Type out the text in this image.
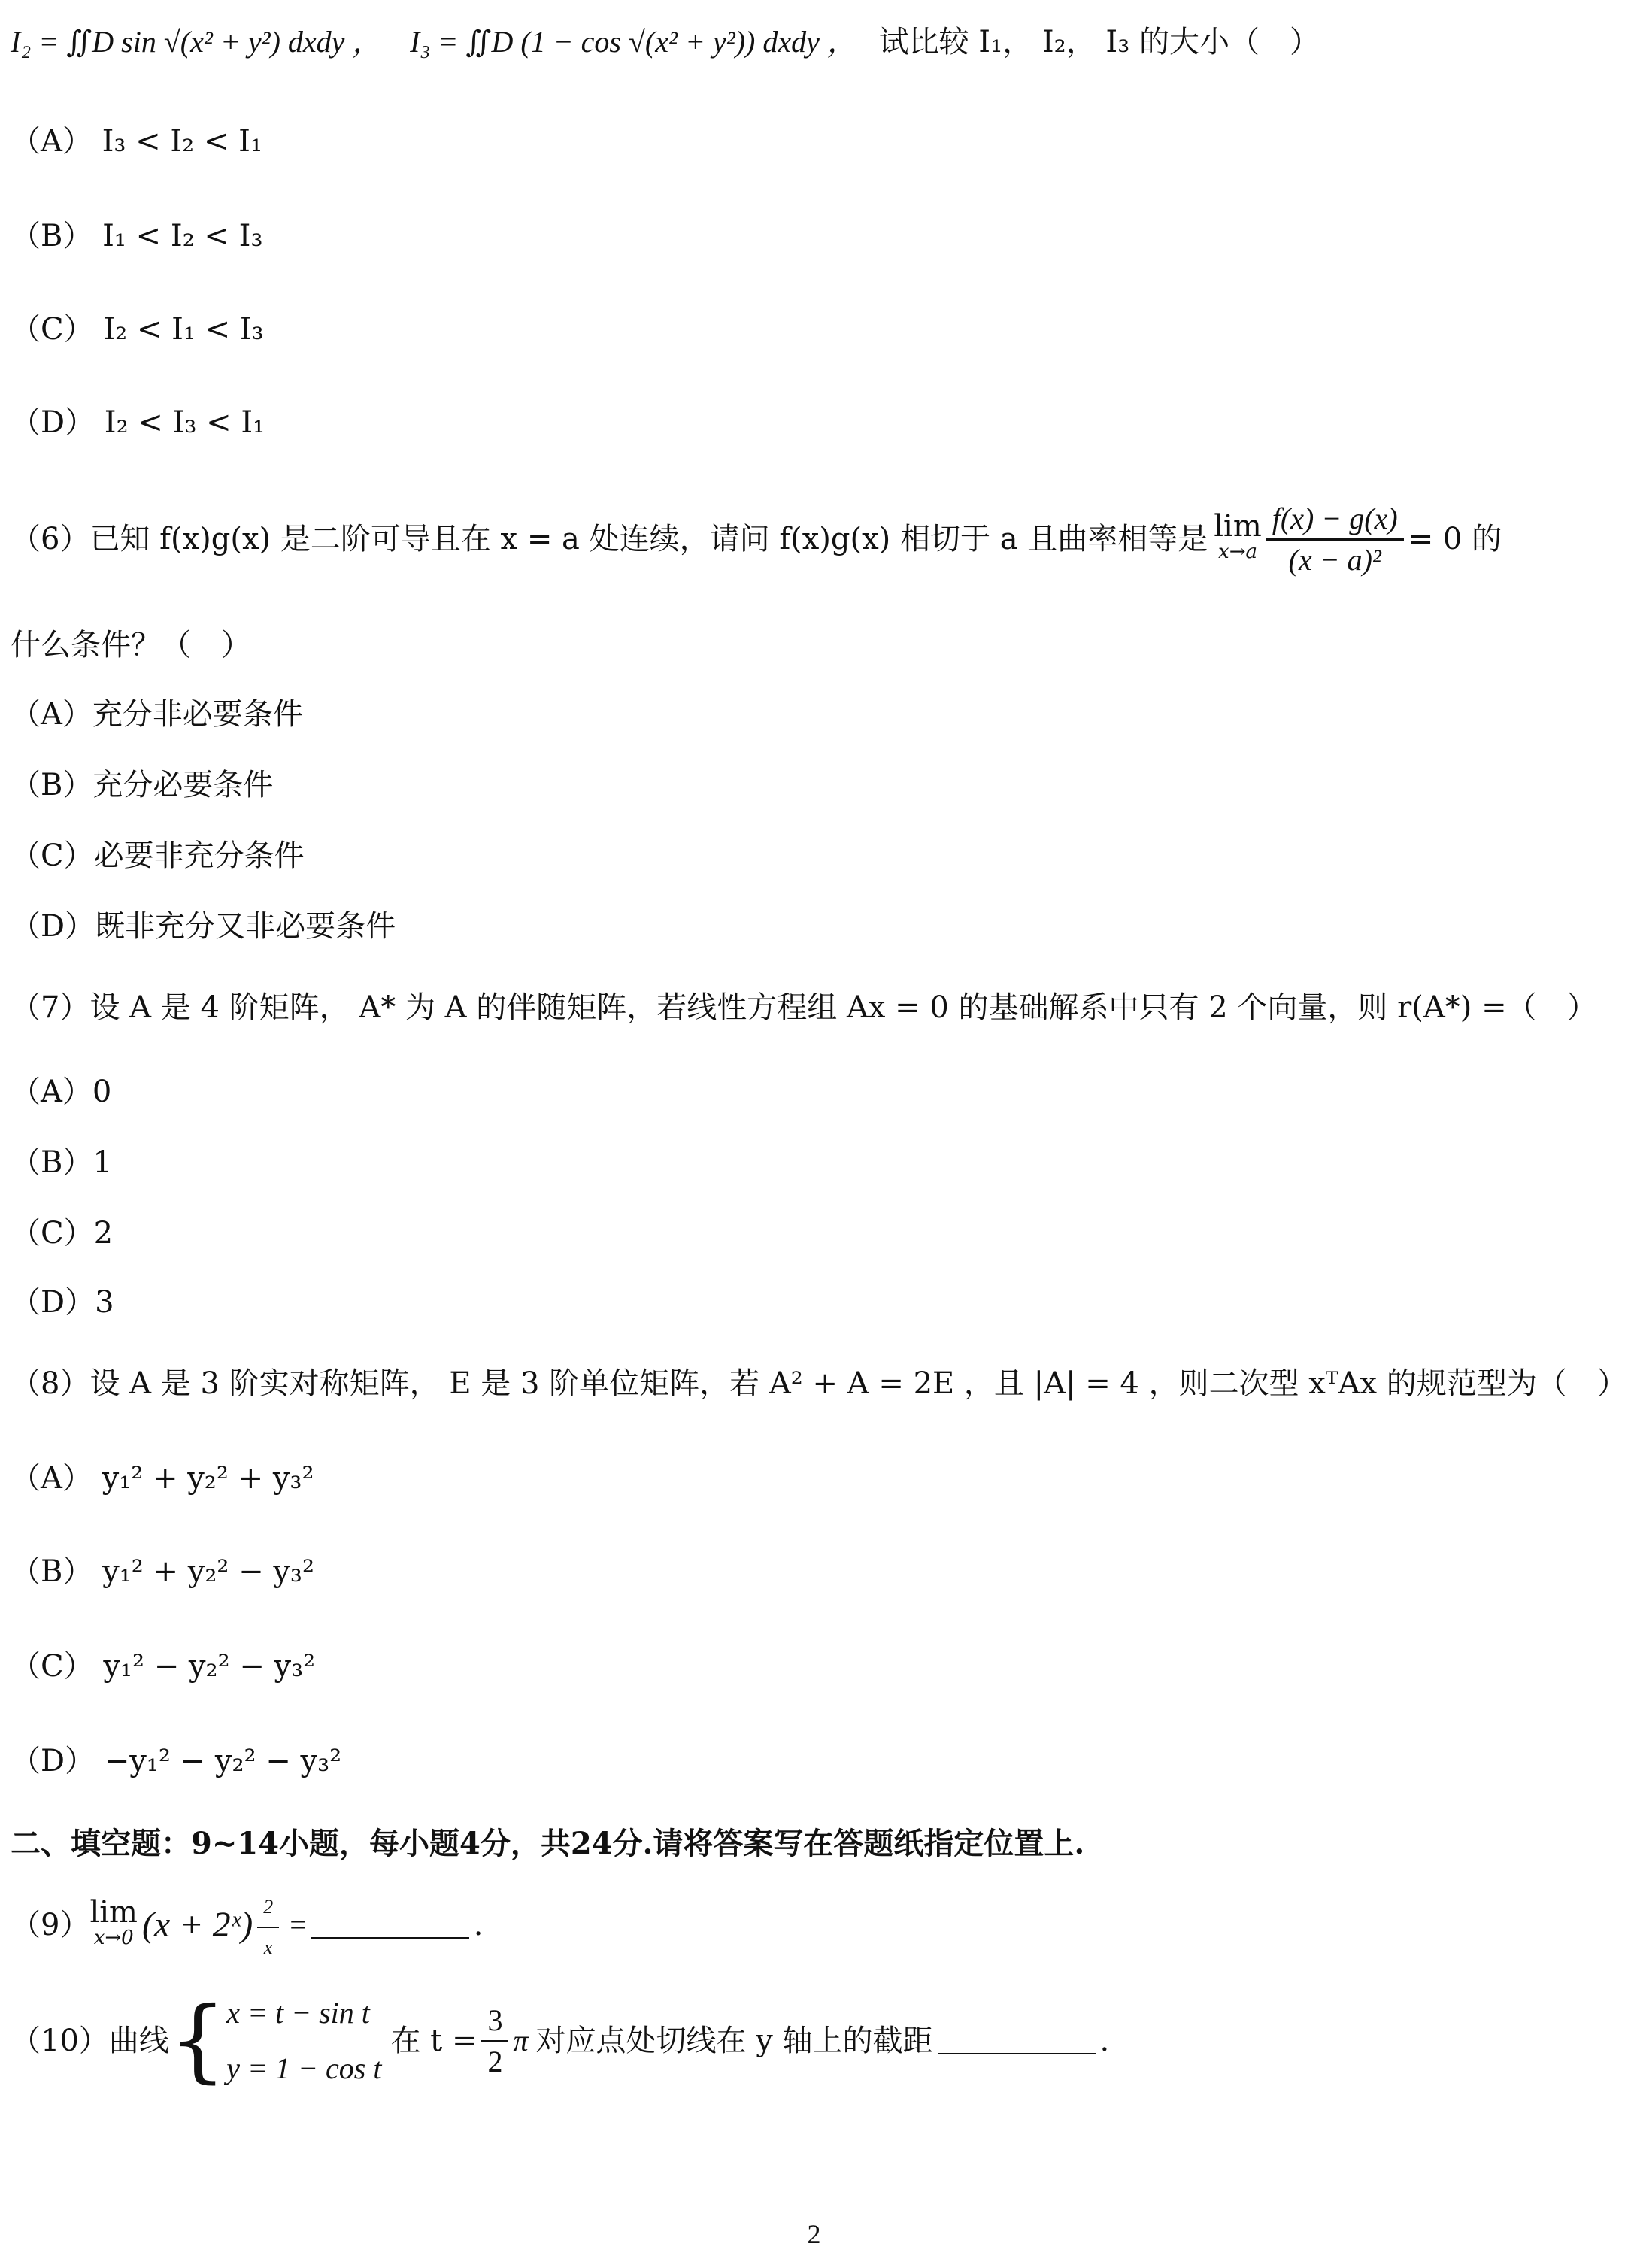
I₂ = ∬D sin √(x² + y²) dxdy ， I₃ = ∬D (1 − cos √(x² + y²)) dxdy ， 试比较 I₁， I₂， I₃ 的大小（　）
（A） I₃ < I₂ < I₁
（B） I₁ < I₂ < I₃
（C） I₂ < I₁ < I₃
（D） I₂ < I₃ < I₁
（6）已知 f(x)g(x) 是二阶可导且在 x = a 处连续，请问 f(x)g(x) 相切于 a 且曲率相等是 lim
$x\to a \frac{f(x) - g(x)}{\text{(x − a)²}} = 0$ 的
什么条件？（　）
（A）充分非必要条件
（B）充分必要条件
（C）必要非充分条件
（D）既非充分又非必要条件
（7）设 A 是 4 阶矩阵， A* 为 A 的伴随矩阵，若线性方程组 Ax = 0 的基础解系中只有 2 个向量，则 r(A*) =（　）
（A）0
（B）1
（C）2
（D）3
（8）设 A 是 3 阶实对称矩阵， E 是 3 阶单位矩阵，若 A² + A = 2E ，且 |A| = 4 ，则二次型 xᵀAx 的规范型为（　）
（A） y₁² + y₂² + y₃²
（B） y₁² + y₂² − y₃²
（C） y₁² − y₂² − y₃²
（D） −y₁² − y₂² − y₃²
二、填空题：9~14小题，每小题4分，共24分.请将答案写在答题纸指定位置上.
（9） lim
x→0 (x + 2ˣ) $\frac{2}{x}$ =	.
（10）曲线 { x = t − sin t
y = 1 − cos t
在 $t = \frac{3}{2}$ π 对应点处切线在 y 轴上的截距	.
2
